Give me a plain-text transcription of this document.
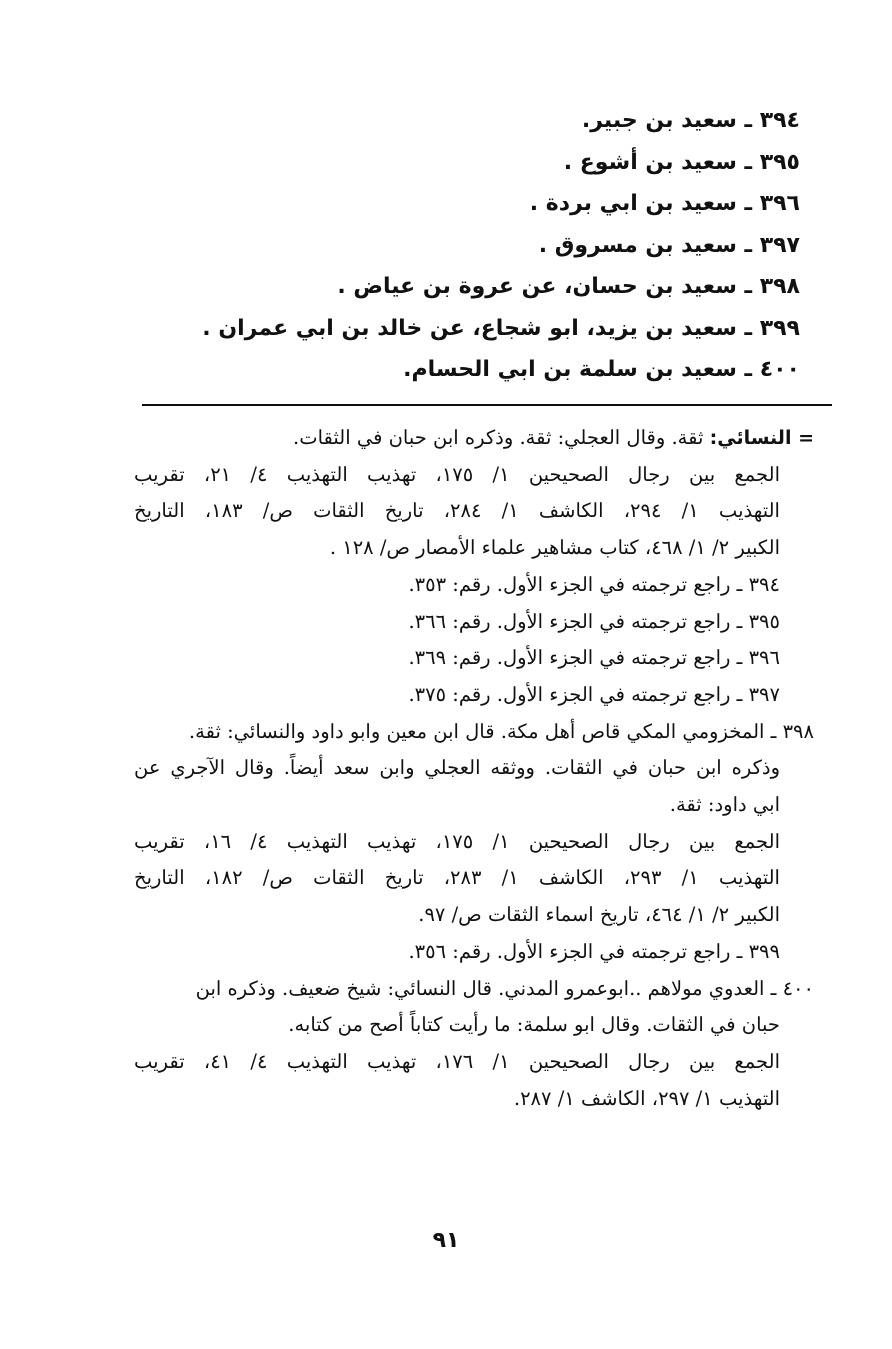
٣٩٤ ـ سعيد بن جبير.
٣٩٥ ـ سعيد بن أشوع .
٣٩٦ ـ سعيد بن ابي بردة .
٣٩٧ ـ سعيد بن مسروق .
٣٩٨ ـ سعيد بن حسان، عن عروة بن عياض .
٣٩٩ ـ سعيد بن يزيد، ابو شجاع، عن خالد بن ابي عمران .
٤٠٠ ـ سعيد بن سلمة بن ابي الحسام.
= النسائي: ثقة. وقال العجلي: ثقة. وذكره ابن حبان في الثقات.
الجمع بين رجال الصحيحين ١/ ١٧٥، تهذيب التهذيب ٤/ ٢١، تقريب
التهذيب ١/ ٢٩٤، الكاشف ١/ ٢٨٤، تاريخ الثقات ص/ ١٨٣، التاريخ
الكبير ٢/ ١/ ٤٦٨، كتاب مشاهير علماء الأمصار ص/ ١٢٨ .
٣٩٤ ـ راجع ترجمته في الجزء الأول. رقم: ٣٥٣.
٣٩٥ ـ راجع ترجمته في الجزء الأول. رقم: ٣٦٦.
٣٩٦ ـ راجع ترجمته في الجزء الأول. رقم: ٣٦٩.
٣٩٧ ـ راجع ترجمته في الجزء الأول. رقم: ٣٧٥.
٣٩٨ ـ المخزومي المكي قاص أهل مكة. قال ابن معين وابو داود والنسائي: ثقة.
وذكره ابن حبان في الثقات. ووثقه العجلي وابن سعد أيضاً. وقال الآجري عن
ابي داود: ثقة.
الجمع بين رجال الصحيحين ١/ ١٧٥، تهذيب التهذيب ٤/ ١٦، تقريب
التهذيب ١/ ٢٩٣، الكاشف ١/ ٢٨٣، تاريخ الثقات ص/ ١٨٢، التاريخ
الكبير ٢/ ١/ ٤٦٤، تاريخ اسماء الثقات ص/ ٩٧.
٣٩٩ ـ راجع ترجمته في الجزء الأول. رقم: ٣٥٦.
٤٠٠ ـ العدوي مولاهم ..ابوعمرو المدني. قال النسائي: شيخ ضعيف. وذكره ابن
حبان في الثقات. وقال ابو سلمة: ما رأيت كتاباً أصح من كتابه.
الجمع بين رجال الصحيحين ١/ ١٧٦، تهذيب التهذيب ٤/ ٤١، تقريب
التهذيب ١/ ٢٩٧، الكاشف ١/ ٢٨٧.
٩١
